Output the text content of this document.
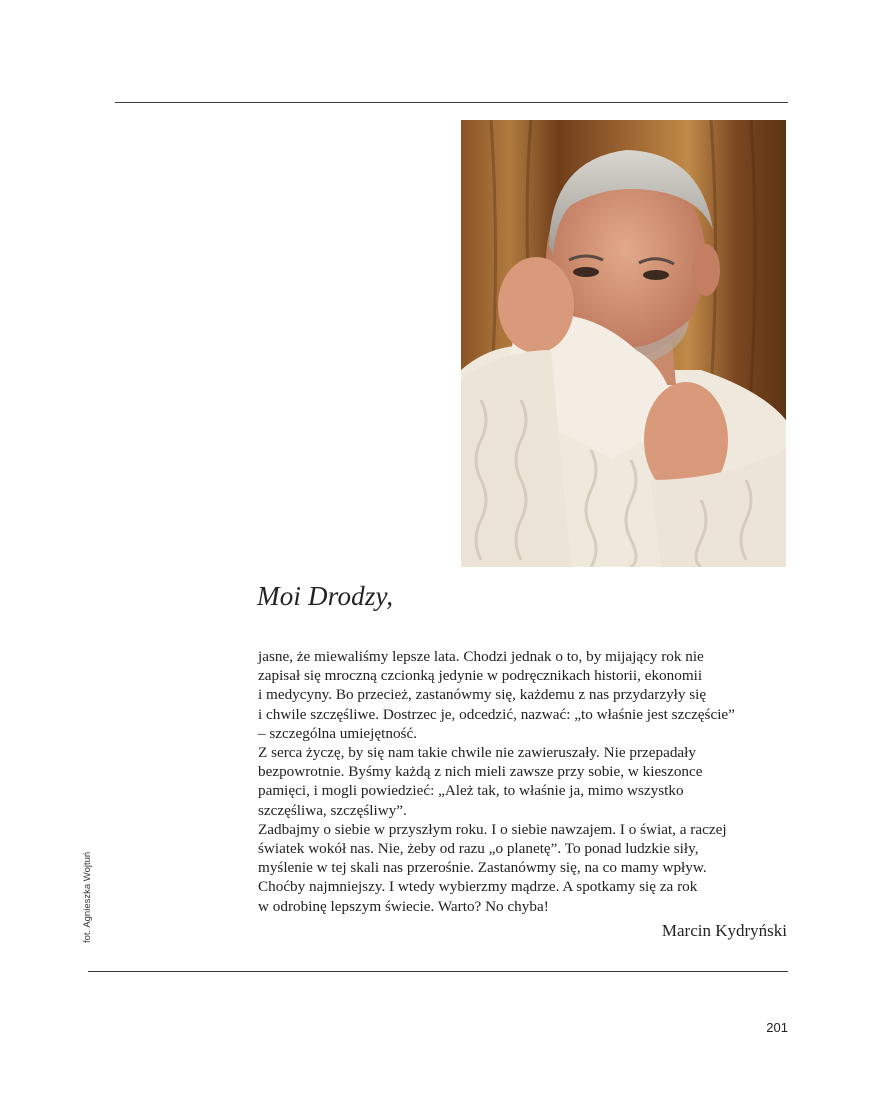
Moi Drodzy,
jasne, że miewaliśmy lepsze lata. Chodzi jednak o to, by mijający rok nie
zapisał się mroczną czcionką jedynie w podręcznikach historii, ekonomii
i medycyny. Bo przecież, zastanówmy się, każdemu z nas przydarzyły się
i chwile szczęśliwe. Dostrzec je, odcedzić, nazwać: „to właśnie jest szczęście”
– szczególna umiejętność.
Z serca życzę, by się nam takie chwile nie zawieruszały. Nie przepadały
bezpowrotnie. Byśmy każdą z nich mieli zawsze przy sobie, w kieszonce
pamięci, i mogli powiedzieć: „Ależ tak, to właśnie ja, mimo wszystko
szczęśliwa, szczęśliwy”.
Zadbajmy o siebie w przyszłym roku. I o siebie nawzajem. I o świat, a raczej
światek wokół nas. Nie, żeby od razu „o planetę”. To ponad ludzkie siły,
myślenie w tej skali nas przerośnie. Zastanówmy się, na co mamy wpływ.
Choćby najmniejszy. I wtedy wybierzmy mądrze. A spotkamy się za rok
w odrobinę lepszym świecie. Warto? No chyba!
Marcin Kydryński
fot. Agnieszka Wojtuń
201
